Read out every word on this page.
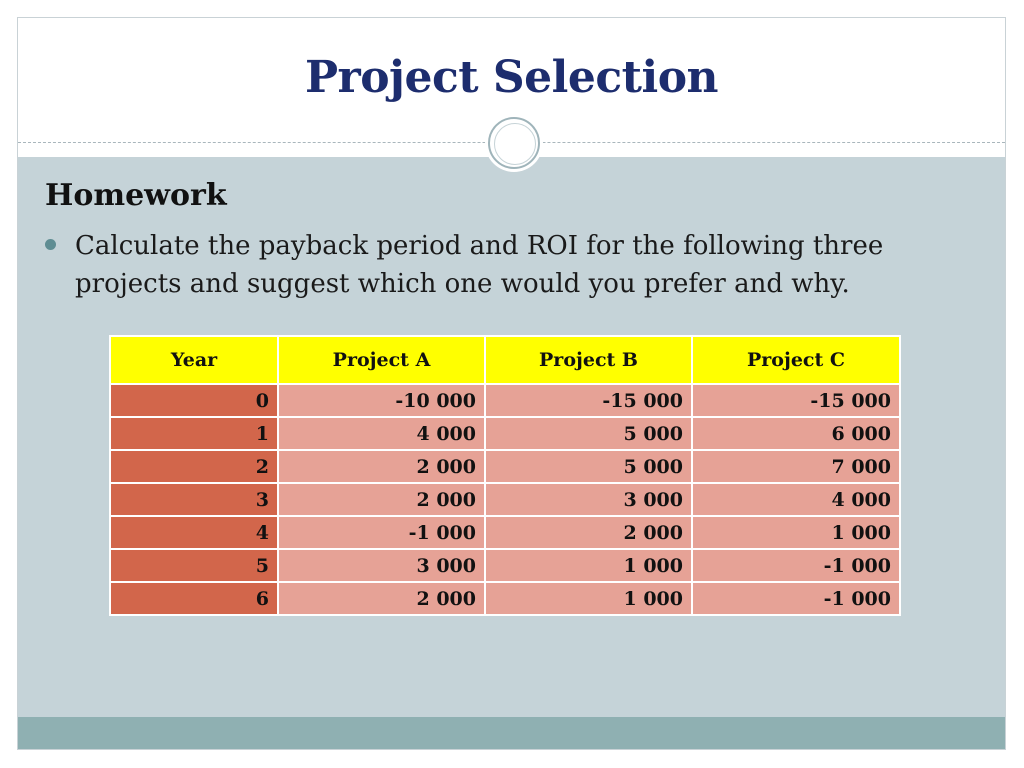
Project Selection
Homework
Calculate the payback period and ROI for the following three projects and suggest which one would you prefer and why.
Year	Project A	Project B	Project C
0	-10 000	-15 000	-15 000
1	4 000	5 000	6 000
2	2 000	5 000	7 000
3	2 000	3 000	4 000
4	-1 000	2 000	1 000
5	3 000	1 000	-1 000
6	2 000	1 000	-1 000
